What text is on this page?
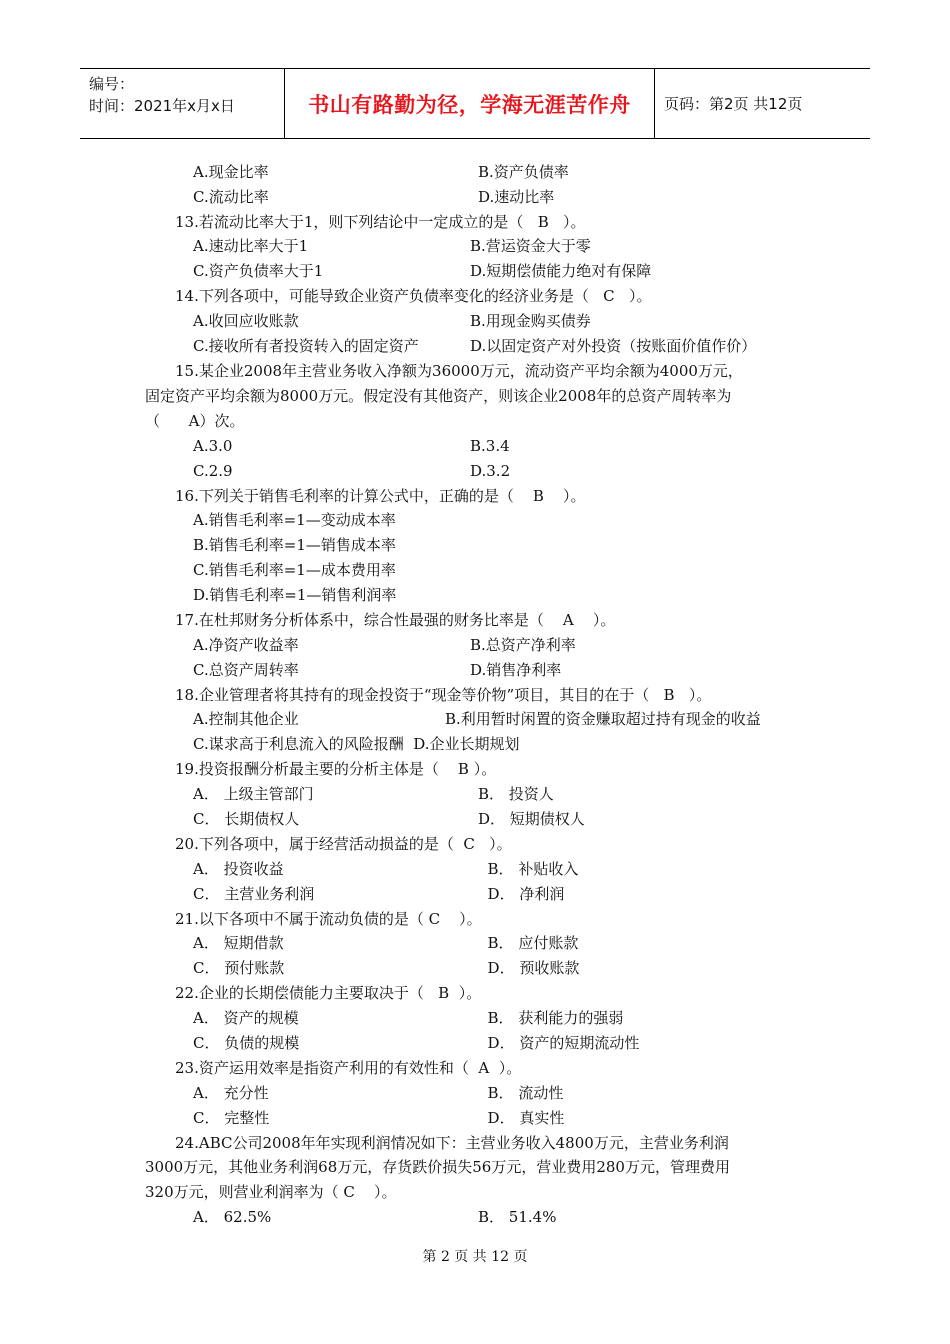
编号：
时间：2021年x月x日	书山有路勤为径，学海无涯苦作舟	页码：第2页 共12页
A.现金比率	B.资产负债率
C.流动比率	D.速动比率
13.若流动比率大于1，则下列结论中一定成立的是（   B   ）。
A.速动比率大于1	B.营运资金大于零
C.资产负债率大于1	D.短期偿债能力绝对有保障
14.下列各项中，可能导致企业资产负债率变化的经济业务是（   C   ）。
A.收回应收账款	B.用现金购买债券
C.接收所有者投资转入的固定资产	D.以固定资产对外投资（按账面价值作价）
15.某企业2008年主营业务收入净额为36000万元，流动资产平均余额为4000万元，
固定资产平均余额为8000万元。假定没有其他资产，则该企业2008年的总资产周转率为
（      A）次。
A.3.0	B.3.4
C.2.9	D.3.2
16.下列关于销售毛利率的计算公式中，正确的是（    B    ）。
A.销售毛利率=1—变动成本率
B.销售毛利率=1—销售成本率
C.销售毛利率=1—成本费用率
D.销售毛利率=1—销售利润率
17.在杜邦财务分析体系中，综合性最强的财务比率是（    A    ）。
A.净资产收益率	B.总资产净利率
C.总资产周转率	D.销售净利率
18.企业管理者将其持有的现金投资于“现金等价物”项目，其目的在于（   B   ）。
A.控制其他企业	B.利用暂时闲置的资金赚取超过持有现金的收益
C.谋求高于利息流入的风险报酬  D.企业长期规划
19.投资报酬分析最主要的分析主体是（    B ）。
A． 上级主管部门	B． 投资人
C． 长期债权人	D． 短期债权人
20.下列各项中，属于经营活动损益的是（  C   ）。
A． 投资收益	B． 补贴收入
C． 主营业务利润	D． 净利润
21.以下各项中不属于流动负债的是（ C    ）。
A． 短期借款	B． 应付账款
C． 预付账款	D． 预收账款
22.企业的长期偿债能力主要取决于（   B  ）。
A． 资产的规模	B． 获利能力的强弱
C． 负债的规模	D． 资产的短期流动性
23.资产运用效率是指资产利用的有效性和（  A  ）。
A． 充分性	B． 流动性
C． 完整性	D． 真实性
24.ABC公司2008年年实现利润情况如下：主营业务收入4800万元，主营业务利润
3000万元，其他业务利润68万元，存货跌价损失56万元，营业费用280万元，管理费用
320万元，则营业利润率为（ C    ）。
A． 62.5%	B． 51.4%
第 2 页 共 12 页
